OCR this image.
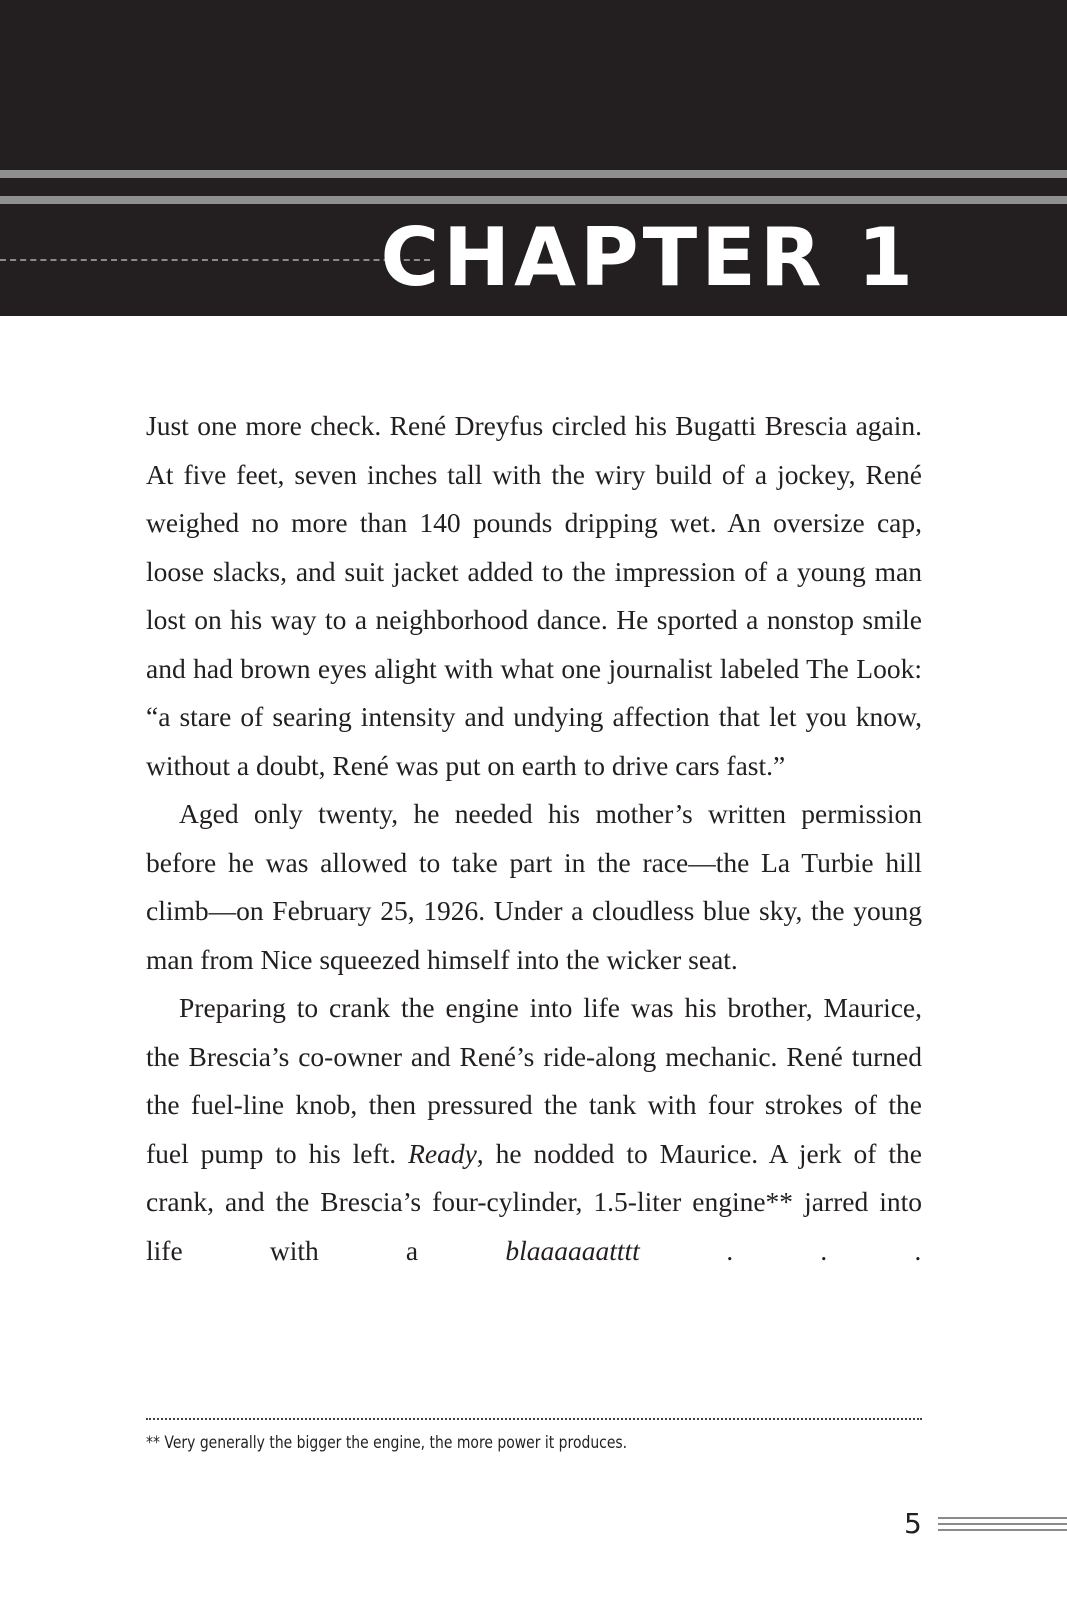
CHAPTER 1

Just one more check. René Dreyfus circled his Bugatti Brescia again. At five feet, seven inches tall with the wiry build of a jockey, René weighed no more than 140 pounds dripping wet. An oversize cap, loose slacks, and suit jacket added to the impression of a young man lost on his way to a neighborhood dance. He sported a nonstop smile and had brown eyes alight with what one journalist labeled The Look: “a stare of searing intensity and undying affection that let you know, without a doubt, René was put on earth to drive cars fast.”

Aged only twenty, he needed his mother’s written permission before he was allowed to take part in the race—the La Turbie hill climb—on February 25, 1926. Under a cloudless blue sky, the young man from Nice squeezed himself into the wicker seat.

Preparing to crank the engine into life was his brother, Maurice, the Brescia’s co-owner and René’s ride-along mechanic. René turned the fuel-line knob, then pressured the tank with four strokes of the fuel pump to his left. Ready, he nodded to Maurice. A jerk of the crank, and the Brescia’s four-cylinder, 1.5-liter engine** jarred into life with a blaaaaaatttt . . .

** Very generally the bigger the engine, the more power it produces.

5
